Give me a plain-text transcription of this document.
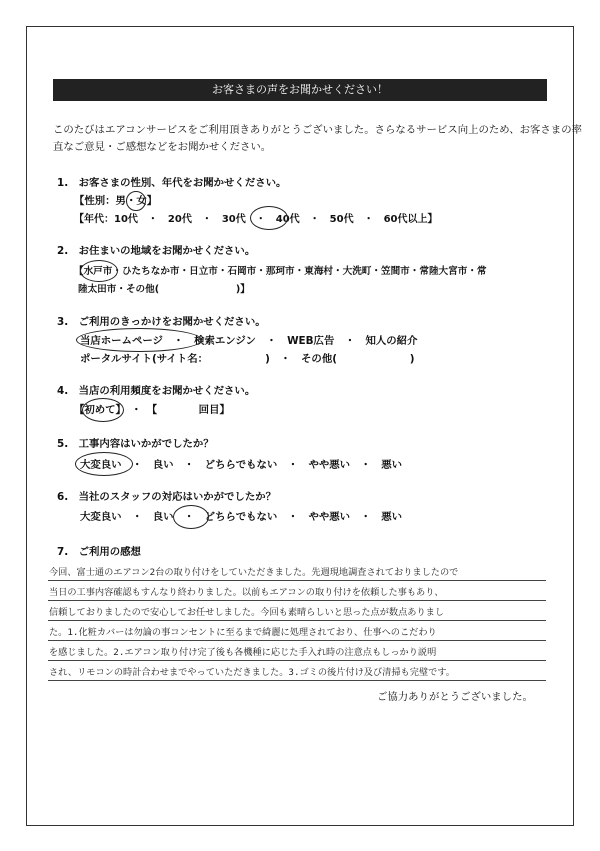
お客さまの声をお聞かせください！
このたびはエアコンサービスをご利用頂きありがとうございました。さらなるサービス向上のため、お客さまの率
直なご意見・ご感想などをお聞かせください。
1.　お客さまの性別、年代をお聞かせください。
【性別：男・女】
【年代：10代　・　20代　・　30代　・　40代　・　50代　・　60代以上】
2.　お住まいの地域をお聞かせください。
【水戸市・ひたちなか市・日立市・石岡市・那珂市・東海村・大洗町・笠間市・常陸大宮市・常
陸太田市・その他(　　　　　　　　)】
3.　ご利用のきっかけをお聞かせください。
当店ホームページ　・　検索エンジン　・　WEB広告　・　知人の紹介
ポータルサイト(サイト名：　　　　　　)　・　その他(　　　　　　　)
4.　当店の利用頻度をお聞かせください。
【初めて】　・　【　　　　回目】
5.　工事内容はいかがでしたか？
大変良い　・　良い　・　どちらでもない　・　やや悪い　・　悪い
6.　当社のスタッフの対応はいかがでしたか？
大変良い　・　良い　・　どちらでもない　・　やや悪い　・　悪い
7.　ご利用の感想
今回、富士通のエアコン2台の取り付けをしていただきました。先週現地調査されておりましたので
当日の工事内容確認もすんなり終わりました。以前もエアコンの取り付けを依頼した事もあり、
信頼しておりましたので安心してお任せしました。今回も素晴らしいと思った点が数点ありまし
た。1.化粧カバーは勿論の事コンセントに至るまで綺麗に処理されており、仕事へのこだわり
を感じました。2.エアコン取り付け完了後も各機種に応じた手入れ時の注意点もしっかり説明
され、リモコンの時計合わせまでやっていただきました。3.ゴミの後片付け及び清掃も完璧です。
ご協力ありがとうございました。
